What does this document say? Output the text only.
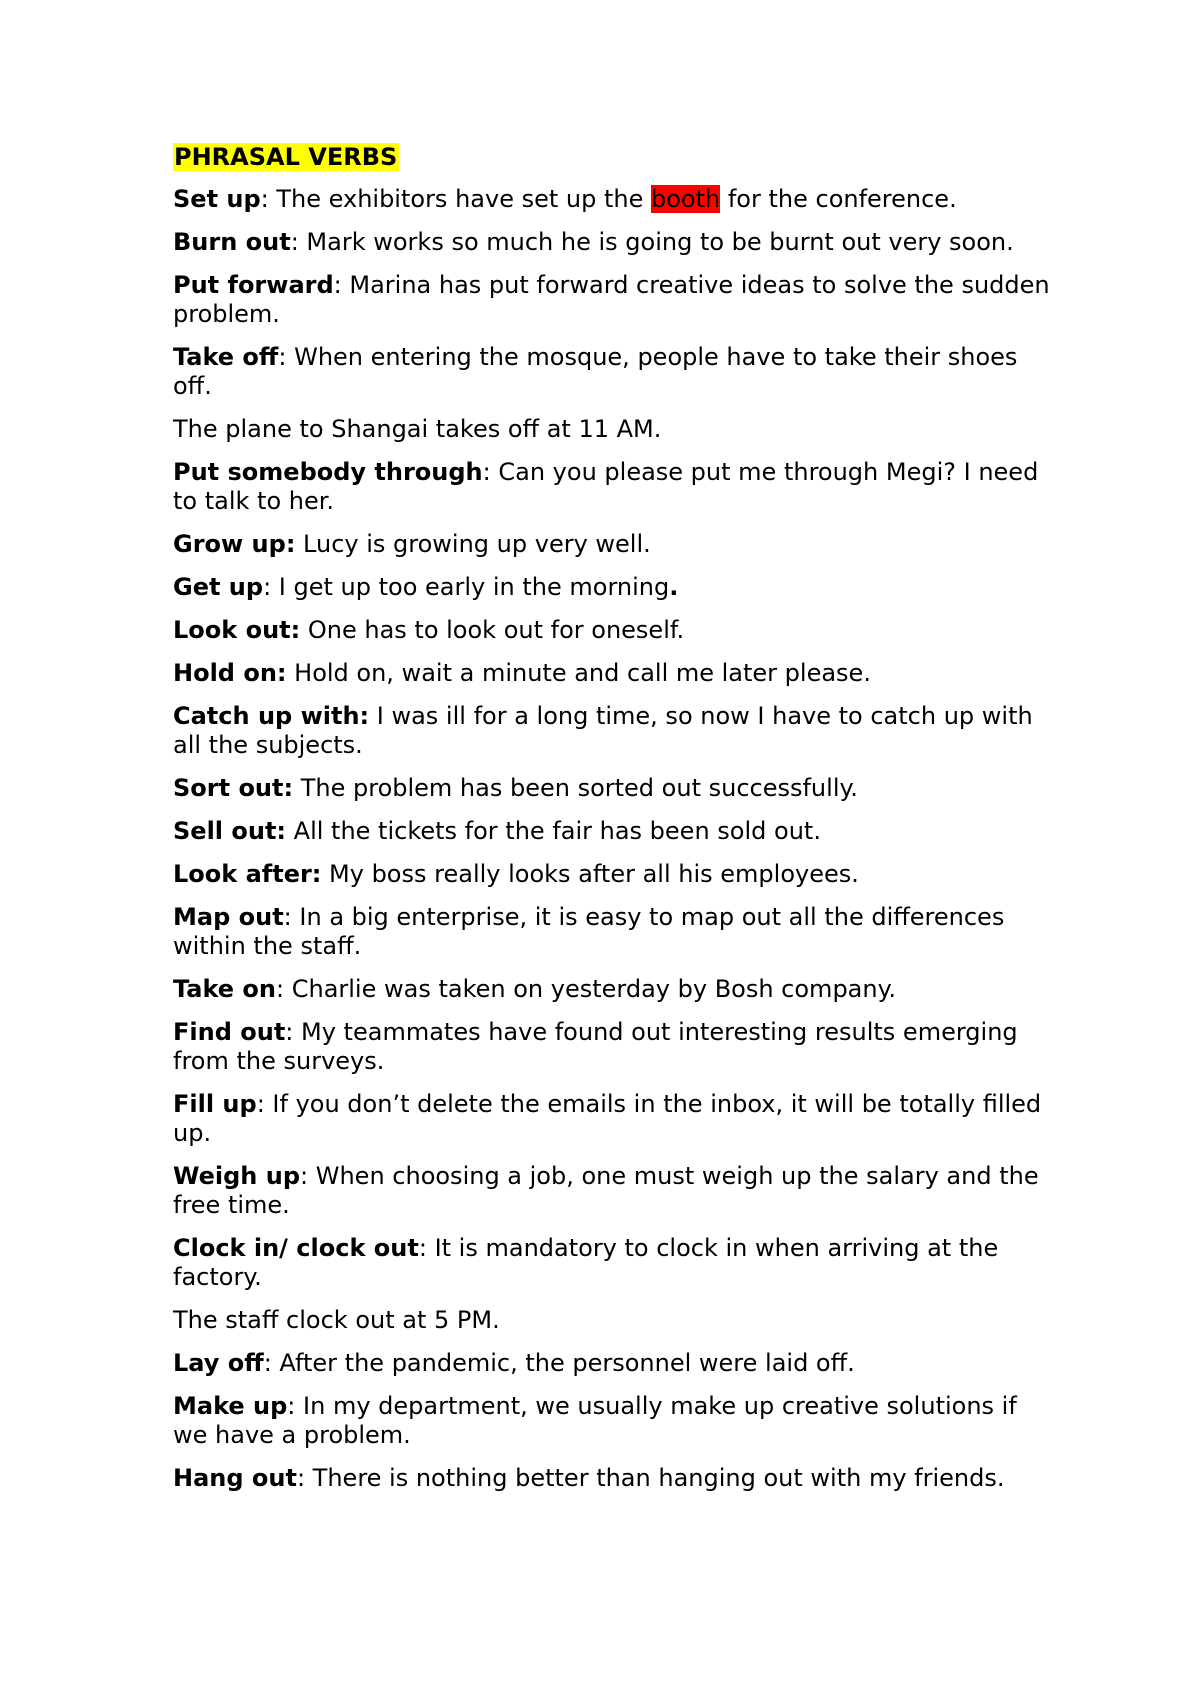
PHRASAL VERBS

Set up: The exhibitors have set up the booth for the conference.

Burn out: Mark works so much he is going to be burnt out very soon.

Put forward: Marina has put forward creative ideas to solve the sudden problem.

Take off: When entering the mosque, people have to take their shoes off.

The plane to Shangai takes off at 11 AM.

Put somebody through: Can you please put me through Megi? I need to talk to her.

Grow up: Lucy is growing up very well.

Get up: I get up too early in the morning.

Look out: One has to look out for oneself.

Hold on: Hold on, wait a minute and call me later please.

Catch up with: I was ill for a long time, so now I have to catch up with all the subjects.

Sort out: The problem has been sorted out successfully.

Sell out: All the tickets for the fair has been sold out.

Look after: My boss really looks after all his employees.

Map out: In a big enterprise, it is easy to map out all the differences within the staff.

Take on: Charlie was taken on yesterday by Bosh company.

Find out: My teammates have found out interesting results emerging from the surveys.

Fill up: If you don’t delete the emails in the inbox, it will be totally filled up.

Weigh up: When choosing a job, one must weigh up the salary and the free time.

Clock in/ clock out: It is mandatory to clock in when arriving at the factory.

The staff clock out at 5 PM.

Lay off: After the pandemic, the personnel were laid off.

Make up: In my department, we usually make up creative solutions if we have a problem.

Hang out: There is nothing better than hanging out with my friends.
